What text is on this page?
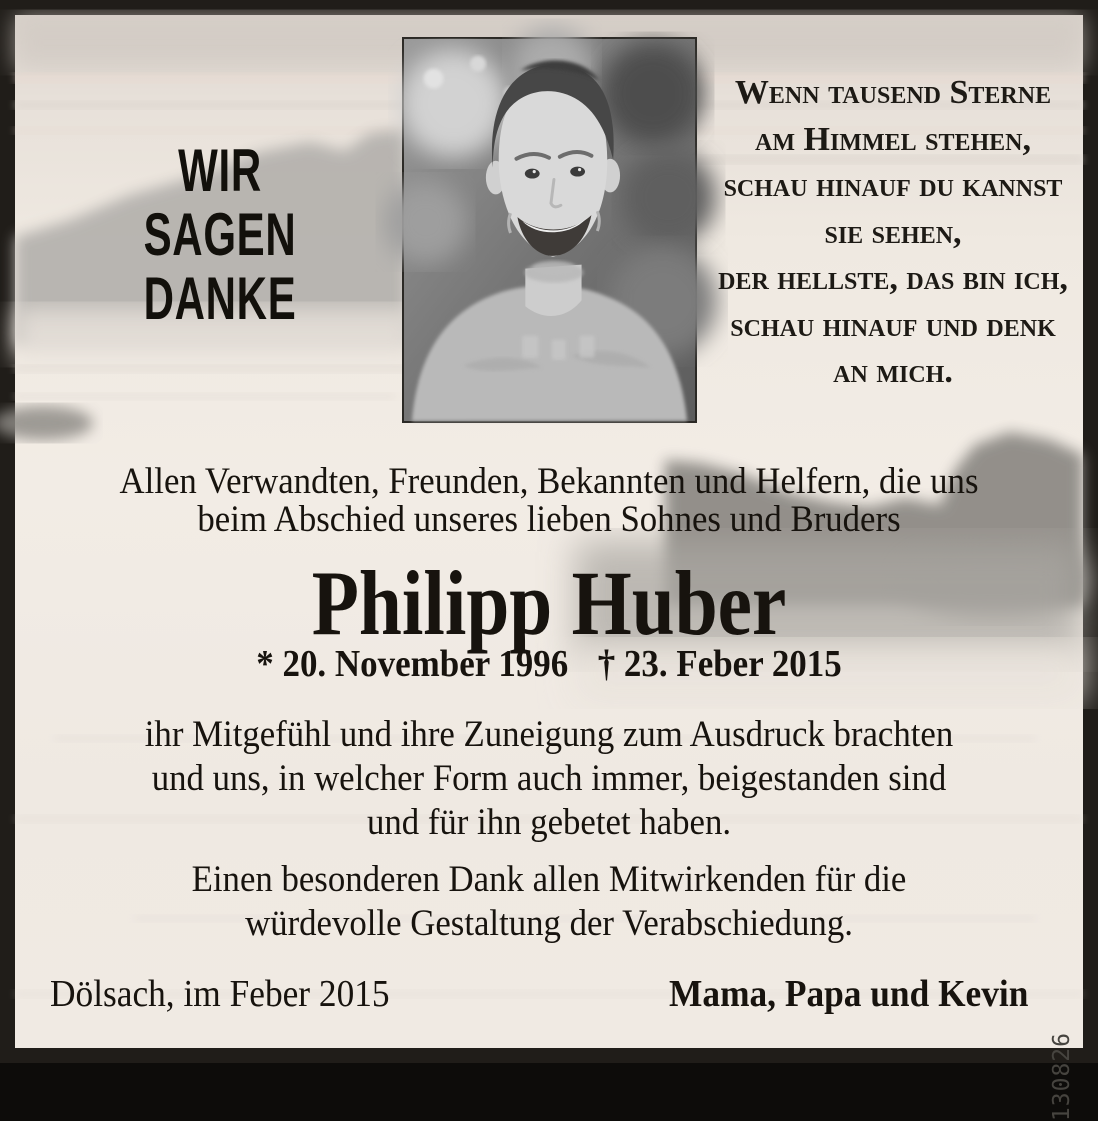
WIR
SAGEN
DANKE
Wenn tausend Sterne
am Himmel stehen,
schau hinauf du kannst
sie sehen,
der hellste, das bin ich,
schau hinauf und denk
an mich.
Allen Verwandten, Freunden, Bekannten und Helfern, die uns
beim Abschied unseres lieben Sohnes und Bruders
Philipp Huber
* 20. November 1996 † 23. Feber 2015
ihr Mitgefühl und ihre Zuneigung zum Ausdruck brachten
und uns, in welcher Form auch immer, beigestanden sind
und für ihn gebetet haben.
Einen besonderen Dank allen Mitwirkenden für die
würdevolle Gestaltung der Verabschiedung.
Dölsach, im Feber 2015	Mama, Papa und Kevin
130826
